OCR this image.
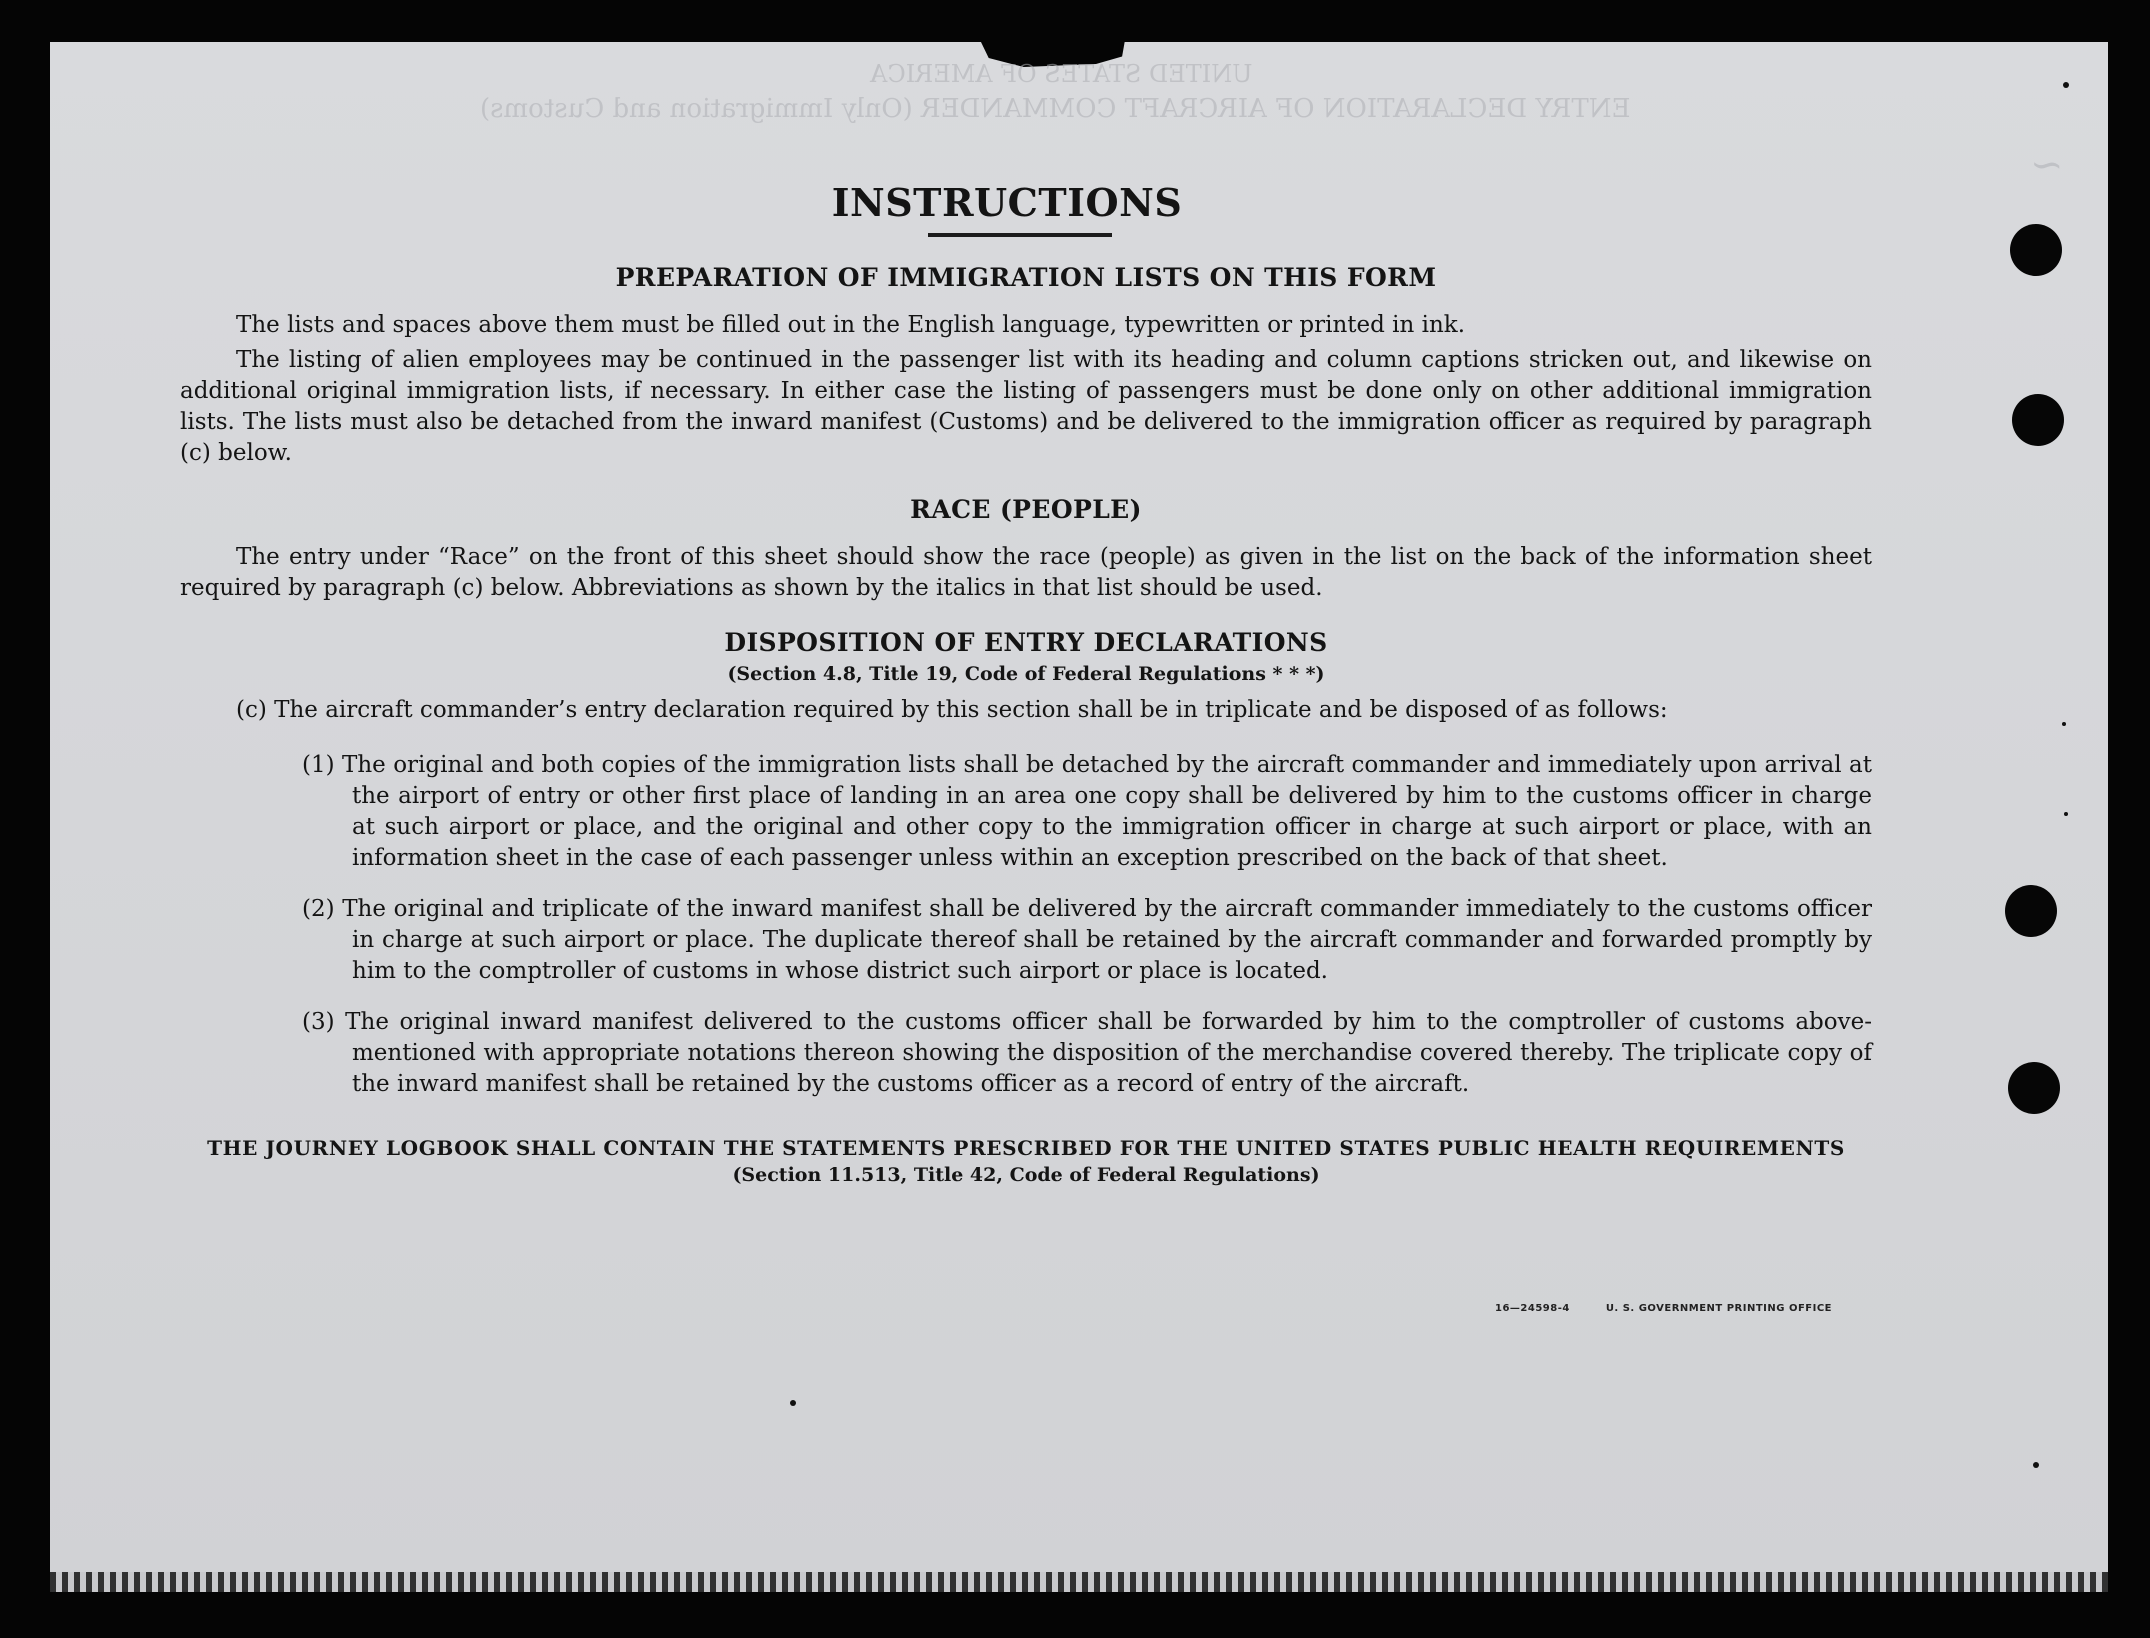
UNITED STATES OF AMERICA
ENTRY DECLARATION OF AIRCRAFT COMMANDER (Only Immigration and Customs)
~
INSTRUCTIONS
PREPARATION OF IMMIGRATION LISTS ON THIS FORM

The lists and spaces above them must be filled out in the English language, typewritten or printed in ink.

The listing of alien employees may be continued in the passenger list with its heading and column captions stricken out, and likewise on additional original immigration lists, if necessary. In either case the listing of passengers must be done only on other additional immigration lists. The lists must also be detached from the inward manifest (Customs) and be delivered to the immigration officer as required by paragraph (c) below.

RACE (PEOPLE)

The entry under “Race” on the front of this sheet should show the race (people) as given in the list on the back of the information sheet required by paragraph (c) below. Abbreviations as shown by the italics in that list should be used.

DISPOSITION OF ENTRY DECLARATIONS
(Section 4.8, Title 19, Code of Federal Regulations * * *)

(c) The aircraft commander’s entry declaration required by this section shall be in triplicate and be disposed of as follows:

(1) The original and both copies of the immigration lists shall be detached by the aircraft commander and immediately upon arrival at the airport of entry or other first place of landing in an area one copy shall be delivered by him to the customs officer in charge at such airport or place, and the original and other copy to the immigration officer in charge at such airport or place, with an information sheet in the case of each passenger unless within an exception prescribed on the back of that sheet.

(2) The original and triplicate of the inward manifest shall be delivered by the aircraft commander immediately to the customs officer in charge at such airport or place. The duplicate thereof shall be retained by the aircraft commander and forwarded promptly by him to the comptroller of customs in whose district such airport or place is located.

(3) The original inward manifest delivered to the customs officer shall be forwarded by him to the comptroller of customs above-mentioned with appropriate notations thereon showing the disposition of the merchandise covered thereby. The triplicate copy of the inward manifest shall be retained by the customs officer as a record of entry of the aircraft.

THE JOURNEY LOGBOOK SHALL CONTAIN THE STATEMENTS PRESCRIBED FOR THE UNITED STATES PUBLIC HEALTH REQUIREMENTS
(Section 11.513, Title 42, Code of Federal Regulations)
16—24598‑4	U. S. GOVERNMENT PRINTING OFFICE
